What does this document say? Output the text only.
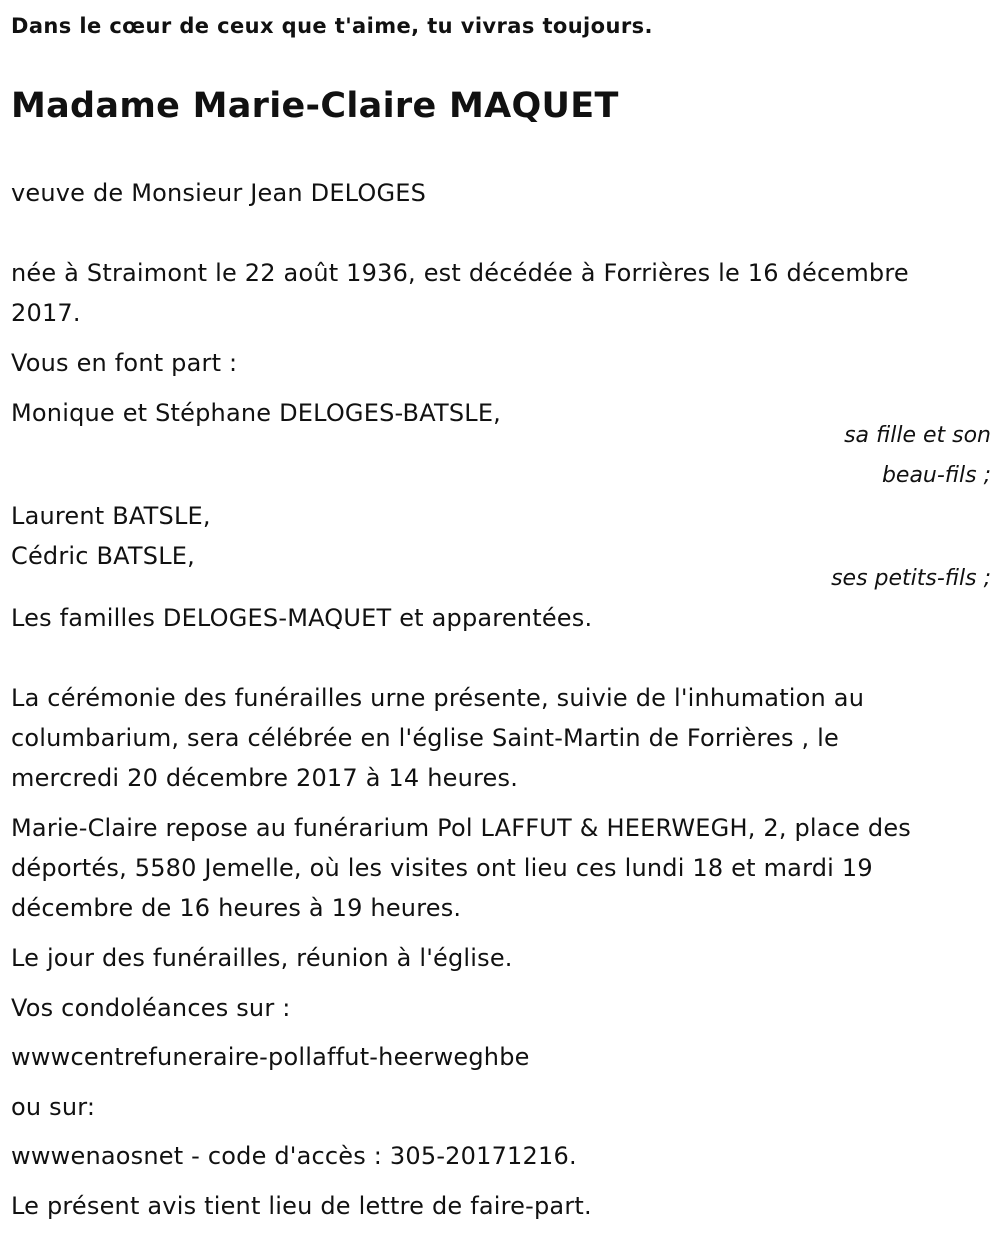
Dans le cœur de ceux que t'aime, tu vivras toujours.
Madame Marie-Claire MAQUET
veuve de Monsieur Jean DELOGES
née à Straimont le 22 août 1936, est décédée à Forrières le 16 décembre
2017.
Vous en font part :
Monique et Stéphane DELOGES-BATSLE,
sa fille et son
beau-fils ;
Laurent BATSLE,
Cédric BATSLE,
ses petits-fils ;
Les familles DELOGES-MAQUET et apparentées.
La cérémonie des funérailles urne présente, suivie de l'inhumation au
columbarium, sera célébrée en l'église Saint-Martin de Forrières , le
mercredi 20 décembre 2017 à 14 heures.
Marie-Claire repose au funérarium Pol LAFFUT & HEERWEGH, 2, place des
déportés, 5580 Jemelle, où les visites ont lieu ces lundi 18 et mardi 19
décembre de 16 heures à 19 heures.
Le jour des funérailles, réunion à l'église.
Vos condoléances sur :
wwwcentrefuneraire-pollaffut-heerweghbe
ou sur:
wwwenaosnet - code d'accès : 305-20171216.
Le présent avis tient lieu de lettre de faire-part.
